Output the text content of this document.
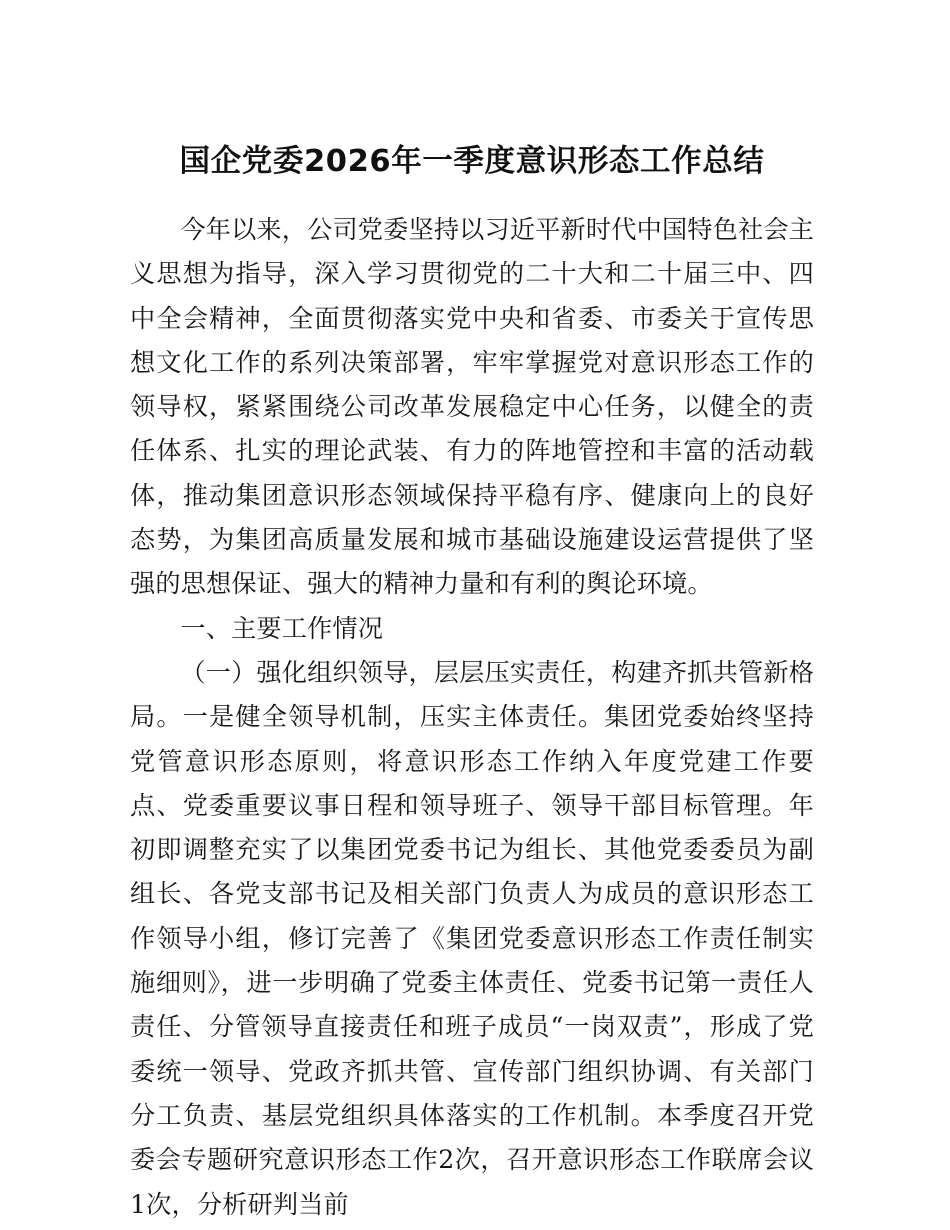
国企党委2026年一季度意识形态工作总结

今年以来，公司党委坚持以习近平新时代中国特色社会主义思想为指导，深入学习贯彻党的二十大和二十届三中、四中全会精神，全面贯彻落实党中央和省委、市委关于宣传思想文化工作的系列决策部署，牢牢掌握党对意识形态工作的领导权，紧紧围绕公司改革发展稳定中心任务，以健全的责任体系、扎实的理论武装、有力的阵地管控和丰富的活动载体，推动集团意识形态领域保持平稳有序、健康向上的良好态势，为集团高质量发展和城市基础设施建设运营提供了坚强的思想保证、强大的精神力量和有利的舆论环境。

一、主要工作情况

（一）强化组织领导，层层压实责任，构建齐抓共管新格局。一是健全领导机制，压实主体责任。集团党委始终坚持党管意识形态原则，将意识形态工作纳入年度党建工作要点、党委重要议事日程和领导班子、领导干部目标管理。年初即调整充实了以集团党委书记为组长、其他党委委员为副组长、各党支部书记及相关部门负责人为成员的意识形态工作领导小组，修订完善了《集团党委意识形态工作责任制实施细则》，进一步明确了党委主体责任、党委书记第一责任人责任、分管领导直接责任和班子成员“一岗双责”，形成了党委统一领导、党政齐抓共管、宣传部门组织协调、有关部门分工负责、基层党组织具体落实的工作机制。本季度召开党委会专题研究意识形态工作2次，召开意识形态工作联席会议1次，分析研判当前
